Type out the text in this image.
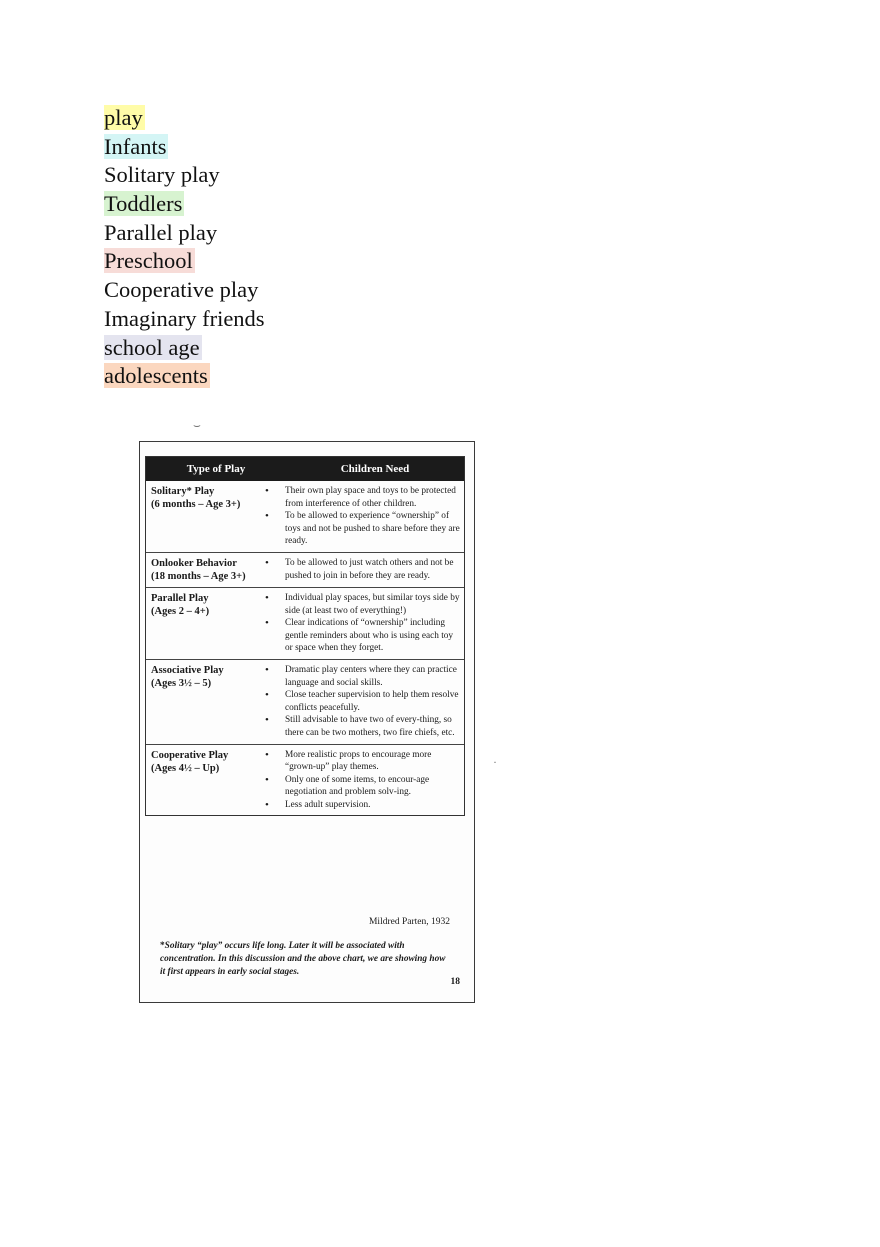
play
Infants
Solitary play
Toddlers
Parallel play
Preschool
Cooperative play
Imaginary friends
school age
adolescents
Type of Play	Children Need
Solitary* Play
(6 months – Age 3+)
• Their own play space and toys to be protected from interference of other children.
• To be allowed to experience “ownership” of toys and not be pushed to share before they are ready.
Onlooker Behavior
(18 months – Age 3+)
• To be allowed to just watch others and not be pushed to join in before they are ready.
Parallel Play
(Ages 2 – 4+)
• Individual play spaces, but similar toys side by side (at least two of everything!)
• Clear indications of “ownership” including gentle reminders about who is using each toy or space when they forget.
Associative Play
(Ages 3½ – 5)
• Dramatic play centers where they can practice language and social skills.
• Close teacher supervision to help them resolve conflicts peacefully.
• Still advisable to have two of every-thing, so there can be two mothers, two fire chiefs, etc.
Cooperative Play
(Ages 4½ – Up)
• More realistic props to encourage more “grown-up” play themes.
• Only one of some items, to encour-age negotiation and problem solv-ing.
• Less adult supervision.
Mildred Parten, 1932
*Solitary “play” occurs life long. Later it will be associated with concentration. In this discussion and the above chart, we are showing how it first appears in early social stages.
18
⌣
·
